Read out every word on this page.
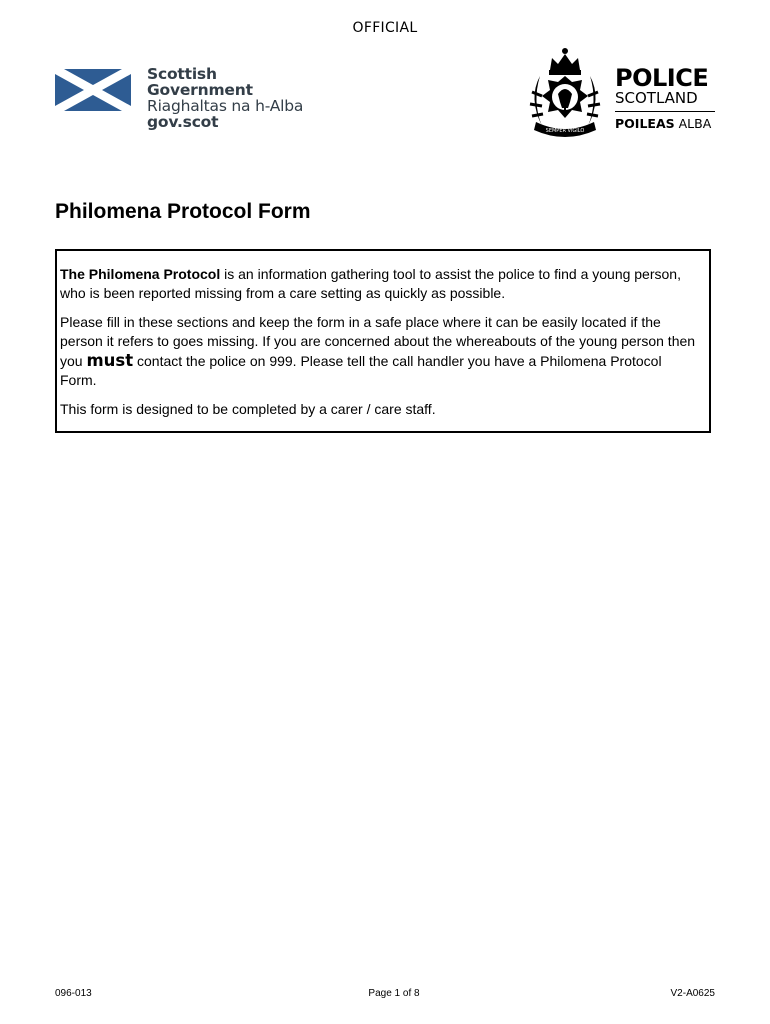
OFFICIAL
Scottish Government
Riaghaltas na h-Alba
gov.scot	SEMPER VIGILO
POLICE
SCOTLAND
POILEAS ALBA
Philomena Protocol Form

The Philomena Protocol is an information gathering tool to assist the police to find a young person, who is been reported missing from a care setting as quickly as possible.

Please fill in these sections and keep the form in a safe place where it can be easily located if the person it refers to goes missing. If you are concerned about the whereabouts of the young person then you must contact the police on 999. Please tell the call handler you have a Philomena Protocol Form.

This form is designed to be completed by a carer / care staff.

096-013	Page 1 of 8	V2-A0625
